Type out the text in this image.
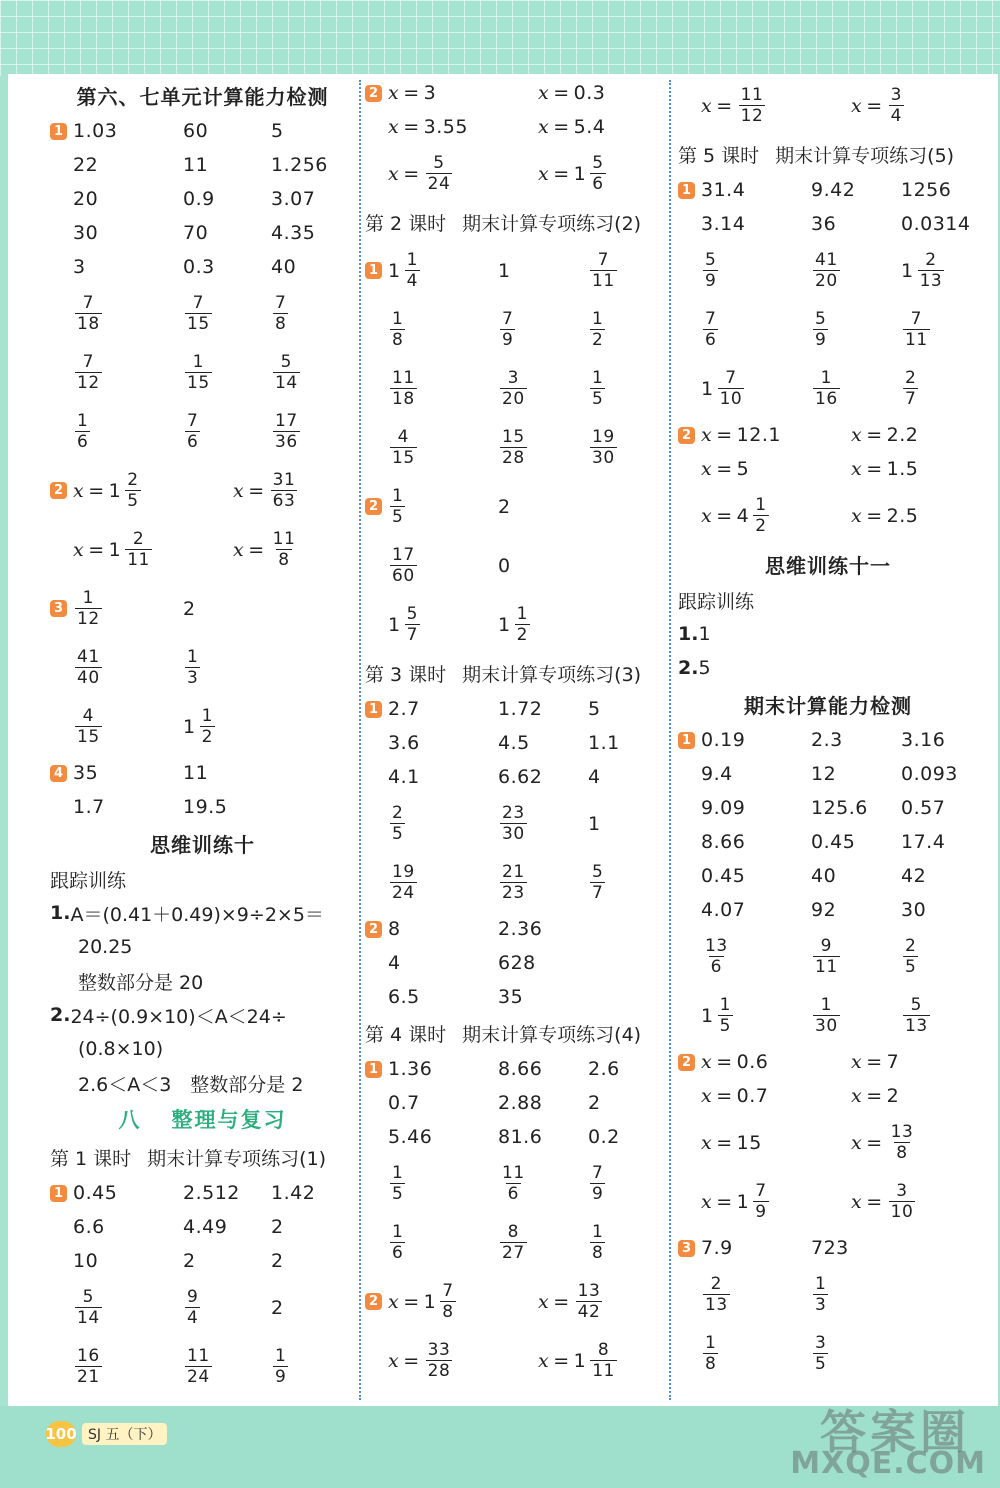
第六、七单元计算能力检测
1 1.03	60	5
22	11	1.256
20	0.9	3.07
30	70	4.35
3	0.3	40
$\frac{7}{18}$	$\frac{7}{15}$	$\frac{7}{8}$
$\frac{7}{12}$	$\frac{1}{15}$	$\frac{5}{14}$
$\frac{1}{6}$	$\frac{7}{6}$	$\frac{17}{36}$
2 $x = 1 \frac{2}{5}$	$x = \frac{31}{63}$
$x = 1 \frac{2}{11}$	$x = \frac{11}{8}$
$3 \frac{1}{12}$	2
$\frac{41}{40}$	$\frac{1}{3}$
$\frac{4}{15}$	$1 \frac{1}{2}$
4 35	11
1.7	19.5
思维训练十
跟踪训练
1. A＝(0.41＋0.49)×9÷2×5＝
20.25
整数部分是 20
2. 24÷(0.9×10)＜A＜24÷
(0.8×10)
2.6＜A＜3　整数部分是 2
八 整理与复习
第 1 课时 期末计算专项练习(1)
1 0.45	2.512	1.42
6.6	4.49	2
10	2	2
$\frac{5}{14}$	$\frac{9}{4}$	2
$\frac{16}{21}$	$\frac{11}{24}$	$\frac{1}{9}$
2 x = 3	x = 0.3
x = 3.55	x = 5.4
$x = \frac{5}{24}$	$x = 1 \frac{5}{6}$
第 2 课时 期末计算专项练习(2)
1 $1 \frac{1}{4}$	1	$\frac{7}{11}$
$\frac{1}{8}$	$\frac{7}{9}$	$\frac{1}{2}$
$\frac{11}{18}$	$\frac{3}{20}$	$\frac{1}{5}$
$\frac{4}{15}$	$\frac{15}{28}$	$\frac{19}{30}$
$2 \frac{1}{5}$	2
$\frac{17}{60}$	0
$1 \frac{5}{7}$	$1 \frac{1}{2}$
第 3 课时 期末计算专项练习(3)
1 2.7	1.72	5
3.6	4.5	1.1
4.1	6.62	4
$\frac{2}{5}$	$\frac{23}{30}$	1
$\frac{19}{24}$	$\frac{21}{23}$	$\frac{5}{7}$
2 8	2.36
4	628
6.5	35
第 4 课时 期末计算专项练习(4)
1 1.36	8.66	2.6
0.7	2.88	2
5.46	81.6	0.2
$\frac{1}{5}$	$\frac{11}{6}$	$\frac{7}{9}$
$\frac{1}{6}$	$\frac{8}{27}$	$\frac{1}{8}$
2 $x = 1 \frac{7}{8}$	$x = \frac{13}{42}$
$x = \frac{33}{28}$	$x = 1 \frac{8}{11}$
$x = \frac{11}{12}$	$x = \frac{3}{4}$
第 5 课时 期末计算专项练习(5)
1 31.4	9.42	1256
3.14	36	0.0314
$\frac{5}{9}$	$\frac{41}{20}$	$1 \frac{2}{13}$
$\frac{7}{6}$	$\frac{5}{9}$	$\frac{7}{11}$
$1 \frac{7}{10}$	$\frac{1}{16}$	$\frac{2}{7}$
2 x = 12.1	x = 2.2
x = 5	x = 1.5
$x = 4 \frac{1}{2}$	x = 2.5
思维训练十一
跟踪训练
1. 1
2. 5
期末计算能力检测
1 0.19	2.3	3.16
9.4	12	0.093
9.09	125.6	0.57
8.66	0.45	17.4
0.45	40	42
4.07	92	30
$\frac{13}{6}$	$\frac{9}{11}$	$\frac{2}{5}$
$1 \frac{1}{5}$	$\frac{1}{30}$	$\frac{5}{13}$
2 x = 0.6	x = 7
x = 0.7	x = 2
x = 15	$x = \frac{13}{8}$
$x = 1 \frac{7}{9}$	$x = \frac{3}{10}$
3 7.9	723
$\frac{2}{13}$	$\frac{1}{3}$
$\frac{1}{8}$	$\frac{3}{5}$
100 SJ 五（下）	答案圈
MXQE.COM
